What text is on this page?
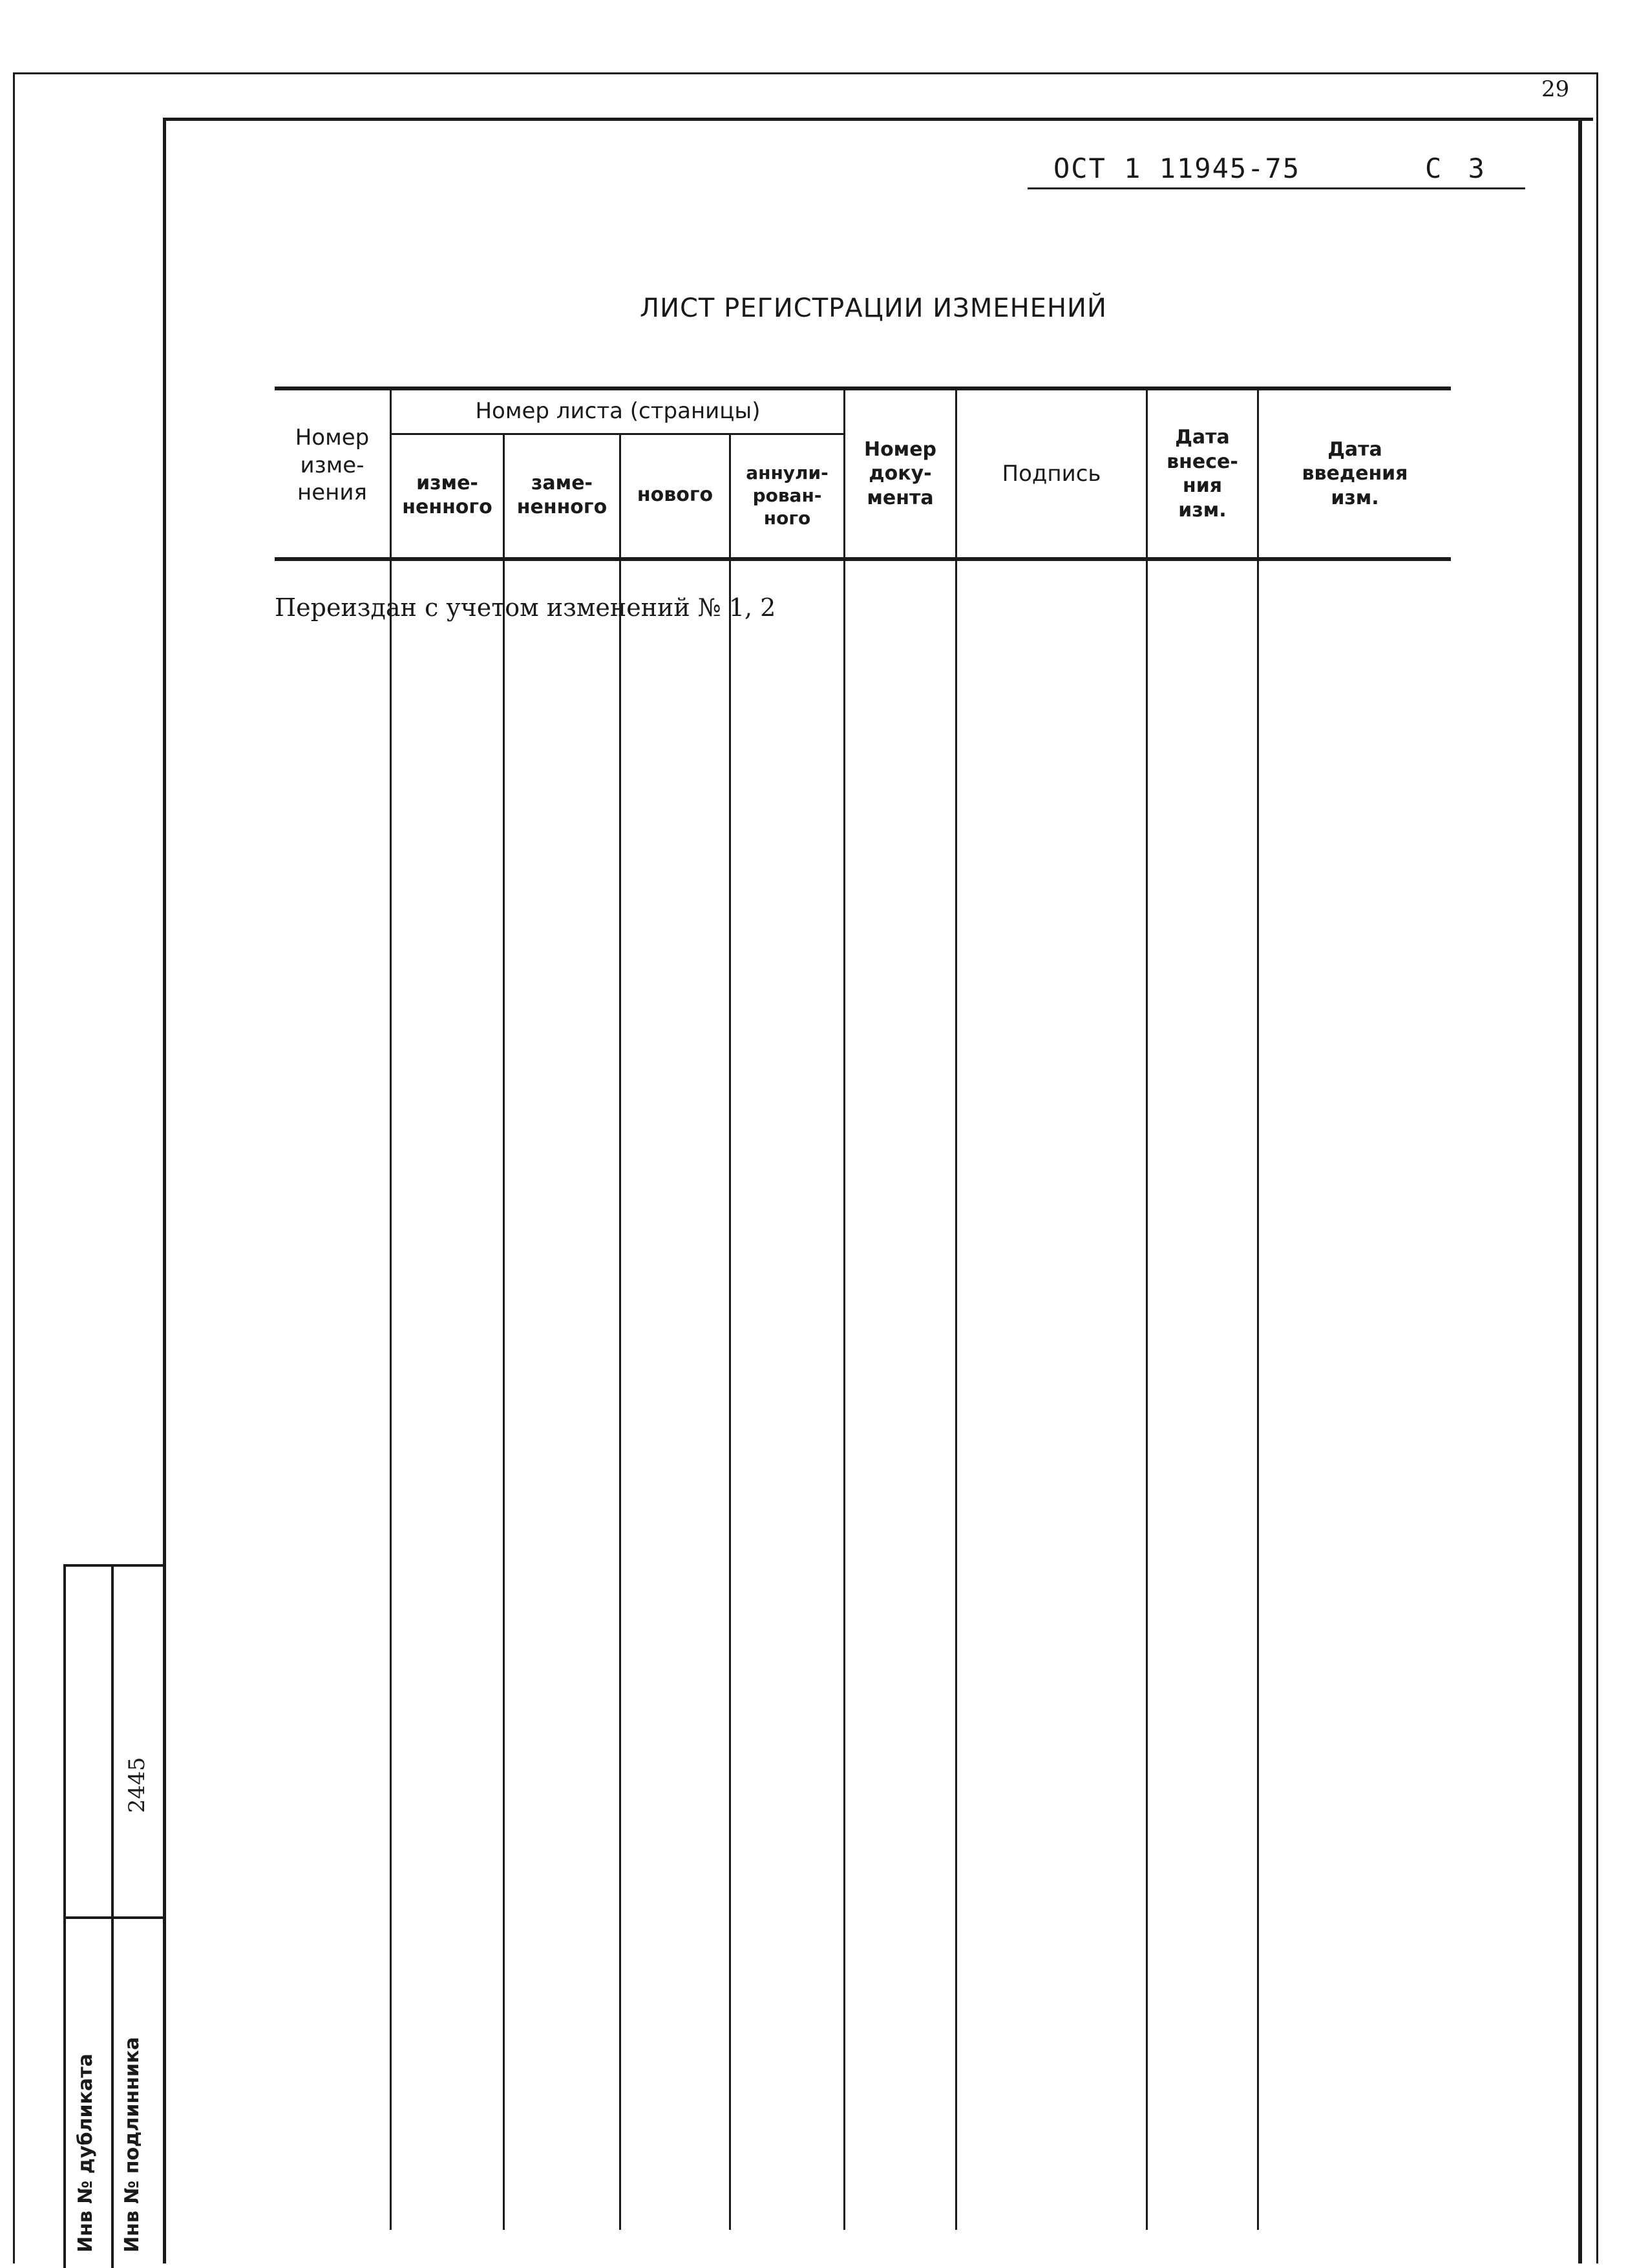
29
ОСТ 1 11945-75	С 3
ЛИСТ РЕГИСТРАЦИИ ИЗМЕНЕНИЙ
Номер
изме-
нения
Номер листа (страницы)
изме-
ненного
заме-
ненного
нового
аннули-
рован-
ного
Номер
доку-
мента
Подпись
Дата
внесе-
ния
изм.
Дата
введения
изм.
Переиздан с учетом изменений № 1, 2
Инв № дубликата Инв № подлинника
2445
